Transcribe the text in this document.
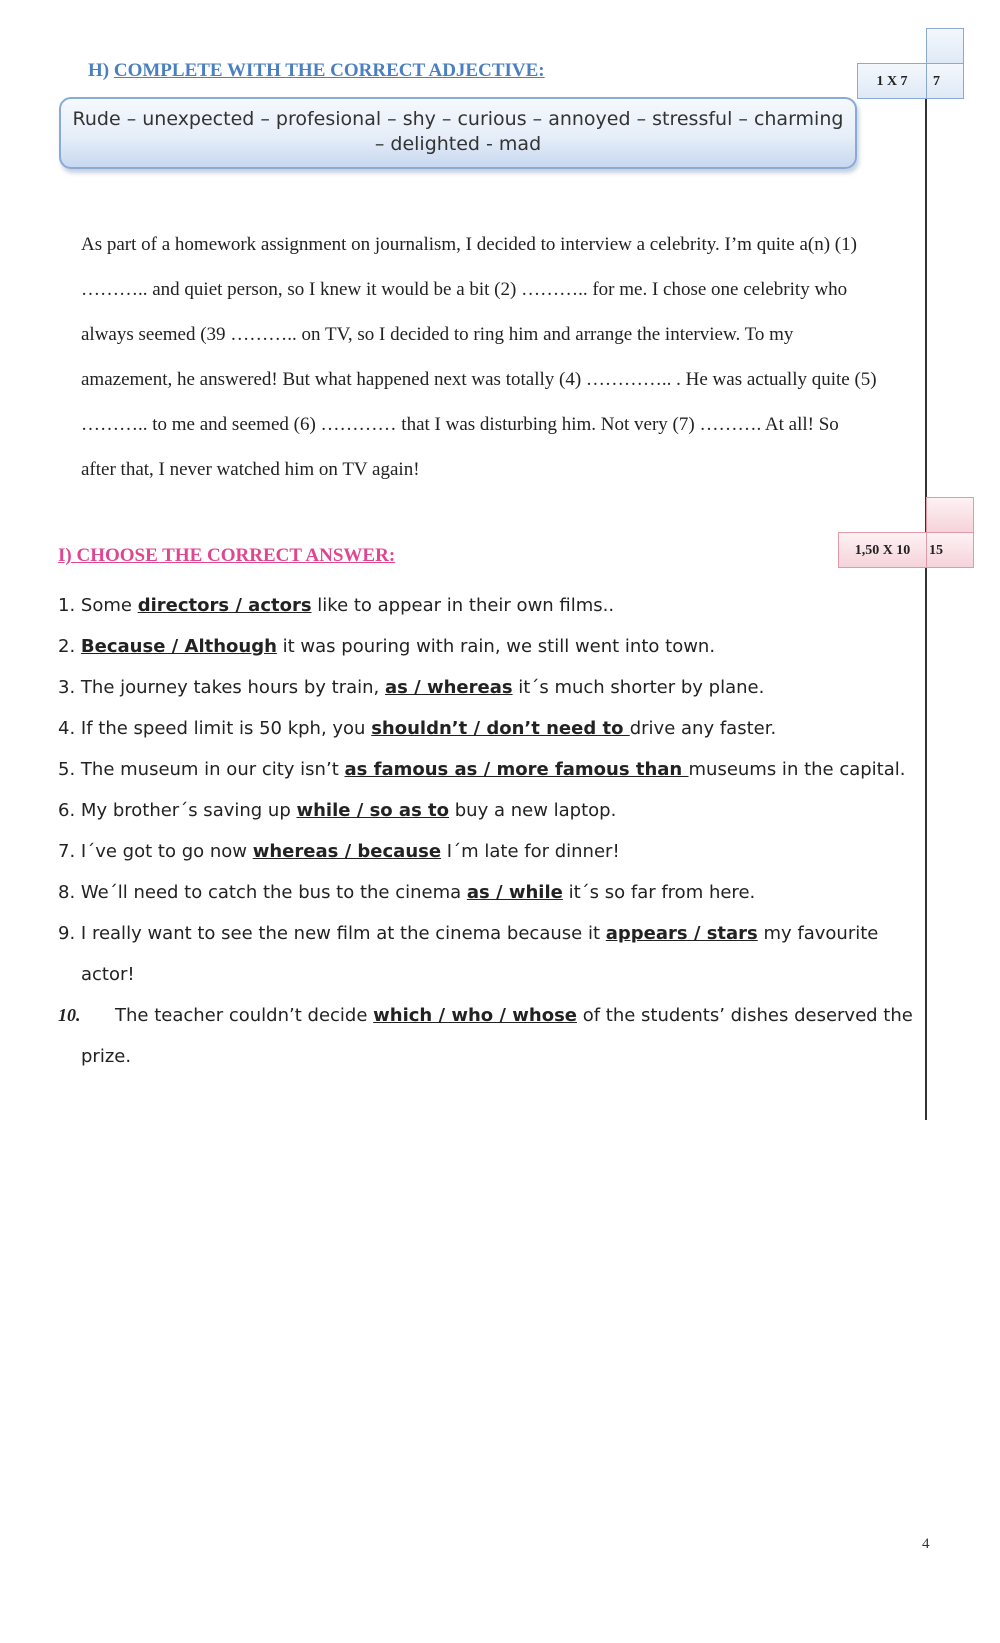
H) COMPLETE WITH THE CORRECT ADJECTIVE:
Rude – unexpected – profesional – shy – curious – annoyed – stressful – charming
– delighted - mad
1 X 7	7

As part of a homework assignment on journalism, I decided to interview a celebrity. I’m quite a(n) (1)

……….. and quiet person, so I knew it would be a bit (2) ……….. for me. I chose one celebrity who

always seemed (39 ……….. on TV, so I decided to ring him and arrange the interview. To my

amazement, he answered! But what happened next was totally (4) ………….. . He was actually quite (5)

……….. to me and seemed (6) ………… that I was disturbing him. Not very (7) ………. At all! So

after that, I never watched him on TV again!

I) CHOOSE THE CORRECT ANSWER:	1,50 X 10	15
1. Some directors / actors like to appear in their own films..
2. Because / Although it was pouring with rain, we still went into town.
3. The journey takes hours by train, as / whereas it´s much shorter by plane.
4. If the speed limit is 50 kph, you shouldn’t / don’t need to drive any faster.
5. The museum in our city isn’t as famous as / more famous than museums in the capital.
6. My brother´s saving up while / so as to buy a new laptop.
7. I´ve got to go now whereas / because I´m late for dinner!
8. We´ll need to catch the bus to the cinema as / while it´s so far from here.
9. I really want to see the new film at the cinema because it appears / stars my favourite
actor!
10. The teacher couldn’t decide which / who / whose of the students’ dishes deserved the
prize.
4
